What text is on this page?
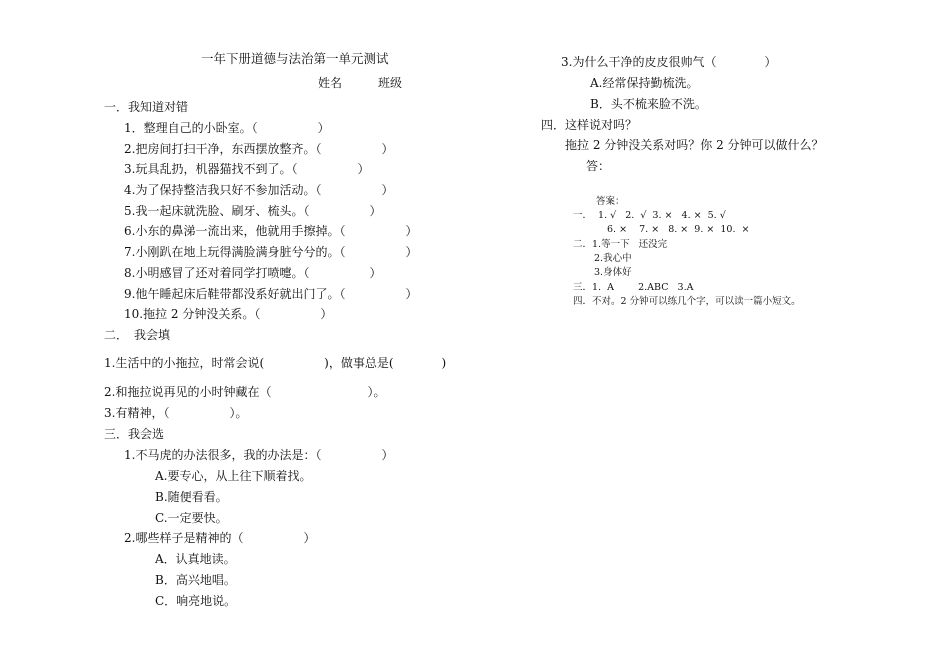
一年下册道德与法治第一单元测试
姓名　　　班级
一．我知道对错
1．整理自己的小卧室。（　　　　　）
2.把房间打扫干净，东西摆放整齐。（　　　　　）
3.玩具乱扔，机器猫找不到了。（　　　　　）
4.为了保持整洁我只好不参加活动。（　　　　　）
5.我一起床就洗脸、刷牙、梳头。（　　　　　）
6.小东的鼻涕一流出来，他就用手擦掉。（　　　　　）
7.小刚趴在地上玩得满脸满身脏兮兮的。（　　　　　）
8.小明感冒了还对着同学打喷嚏。（　　　　　）
9.他午睡起床后鞋带都没系好就出门了。（　　　　　）
10.拖拉 2 分钟没关系。（　　　　　）
二．　我会填
1.生活中的小拖拉，时常会说(　　　　　)，做事总是(　　　　)
2.和拖拉说再见的小时钟藏在（　　　　　　　　）。
3.有精神，（　　　　　）。
三．我会选
1.不马虎的办法很多，我的办法是：（　　　　　）
A.要专心，从上往下顺着找。
B.随便看看。
C.一定要快。
2.哪些样子是精神的（　　　　　）
A．认真地读。
B．高兴地唱。
C．响亮地说。
3.为什么干净的皮皮很帅气（　　　　）
A.经常保持勤梳洗。
B．头不梳来脸不洗。
四．这样说对吗？
拖拉 2 分钟没关系对吗？你 2 分钟可以做什么？
答：
答案：
一．  1. √   2.  √  3. ×   4. ×  5. √
6. ×    7. ×   8. ×  9. ×  10.  ×
二．1.等一下   还没完
2.我心中
3.身体好
三．1.  A        2.ABC   3.A
四．不对。2 分钟可以练几个字，可以读一篇小短文。
